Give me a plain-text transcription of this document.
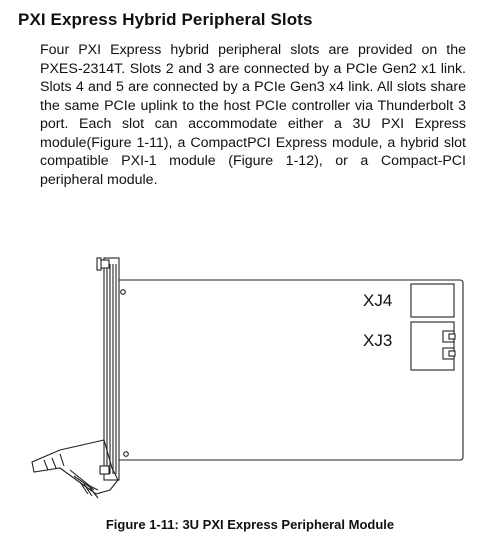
PXI Express Hybrid Peripheral Slots

Four PXI Express hybrid peripheral slots are provided on the PXES-2314T. Slots 2 and 3 are connected by a PCIe Gen2 x1 link. Slots 4 and 5 are connected by a PCIe Gen3 x4 link. All slots share the same PCIe uplink to the host PCIe controller via Thunderbolt 3 port. Each slot can accommodate either a 3U PXI Express module(Figure 1-11), a CompactPCI Express module, a hybrid slot compatible PXI-1 module (Figure 1-12), or a Compact-PCI peripheral module.

XJ4
XJ3

Figure 1-11: 3U PXI Express Peripheral Module
